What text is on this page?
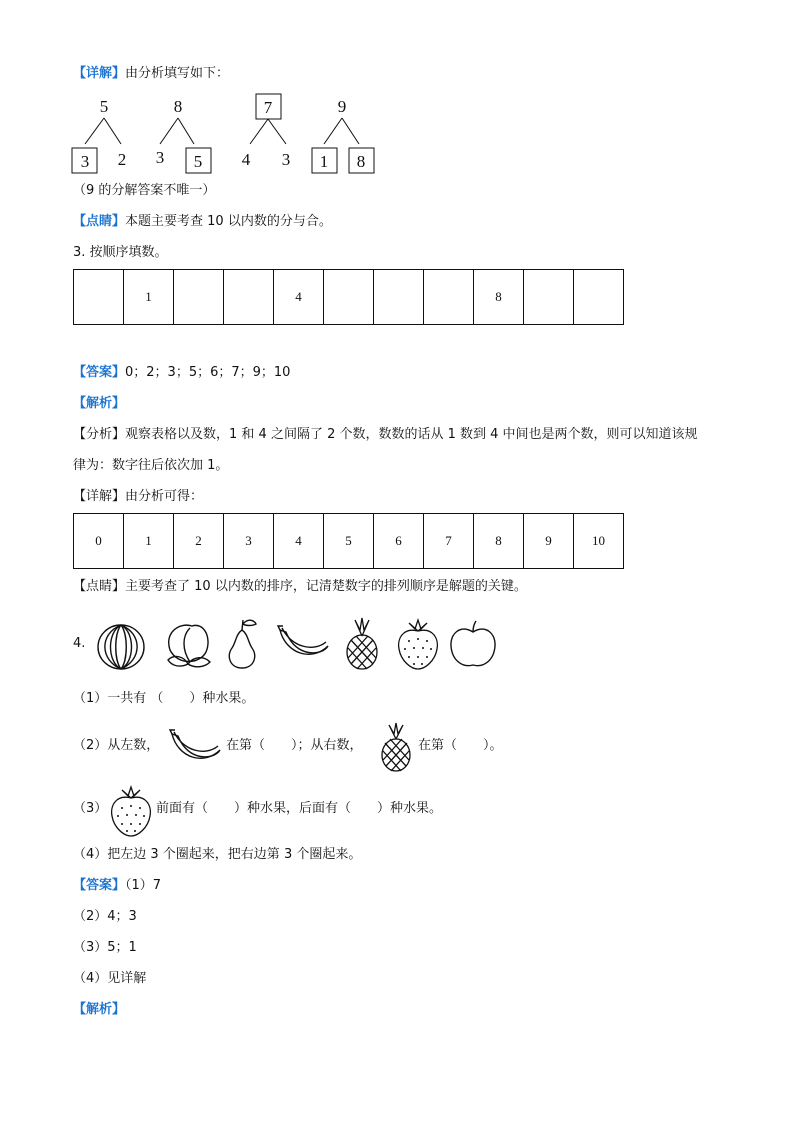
【详解】由分析填写如下：
5
3 2
8
3 5
7
4 3
9
1 8
（9 的分解答案不唯一）
【点睛】本题主要考查 10 以内数的分与合。
3. 按顺序填数。
	1			4				8		
【答案】0；2；3；5；6；7；9；10
【解析】
【分析】观察表格以及数，1 和 4 之间隔了 2 个数，数数的话从 1 数到 4 中间也是两个数，则可以知道该规
律为：数字往后依次加 1。
【详解】由分析可得：
0	1	2	3	4	5	6	7	8	9	10
【点睛】主要考查了 10 以内数的排序，记清楚数字的排列顺序是解题的关键。
4.
（1）一共有 （　　）种水果。
（2）从左数，	在第（　　）；从右数，	在第（　　）。
（3）	前面有（　　）种水果，后面有（　　）种水果。
（4）把左边 3 个圈起来，把右边第 3 个圈起来。
【答案】（1）7
（2）4；3
（3）5；1
（4）见详解
【解析】
